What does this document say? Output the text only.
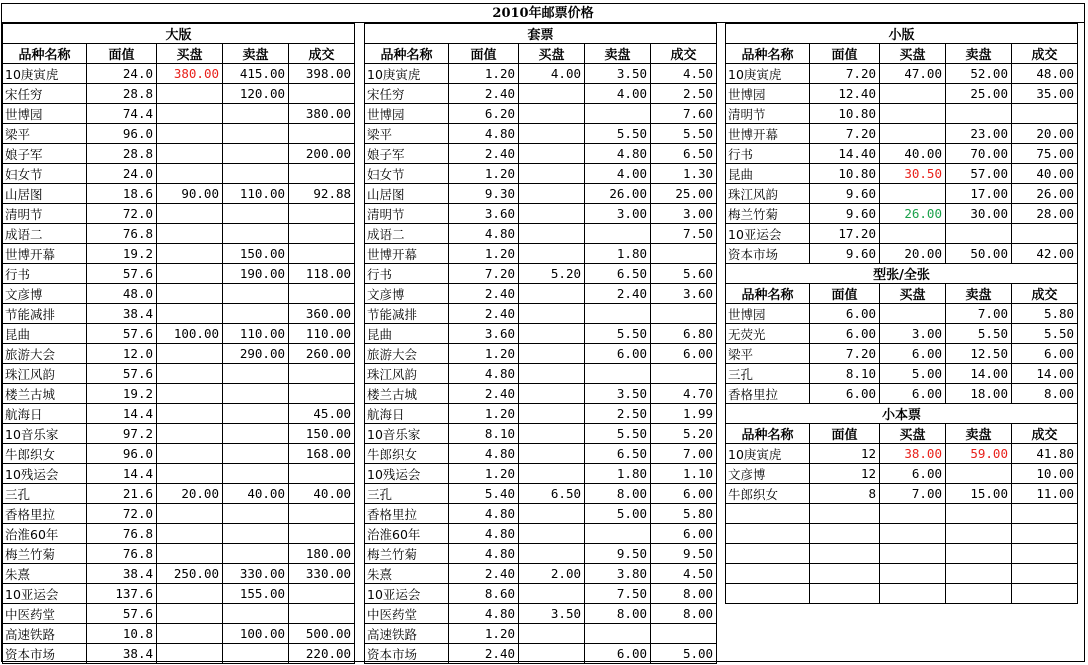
2010年邮票价格
大版				
品种名称	面值	买盘	卖盘	成交
10庚寅虎	24.0	380.00	415.00	398.00
宋任穷	28.8		120.00	
世博园	74.4			380.00
梁平	96.0			
娘子军	28.8			200.00
妇女节	24.0			
山居图	18.6	90.00	110.00	92.88
清明节	72.0			
成语二	76.8			
世博开幕	19.2		150.00	
行书	57.6		190.00	118.00
文彦博	48.0			
节能减排	38.4			360.00
昆曲	57.6	100.00	110.00	110.00
旅游大会	12.0		290.00	260.00
珠江风韵	57.6			
楼兰古城	19.2			
航海日	14.4			45.00
10音乐家	97.2			150.00
牛郎织女	96.0			168.00
10残运会	14.4			
三孔	21.6	20.00	40.00	40.00
香格里拉	72.0			
治淮60年	76.8			
梅兰竹菊	76.8			180.00
朱熹	38.4	250.00	330.00	330.00
10亚运会	137.6		155.00	
中医药堂	57.6			
高速铁路	10.8		100.00	500.00
资本市场	38.4			220.00
套票				
品种名称	面值	买盘	卖盘	成交
10庚寅虎	1.20	4.00	3.50	4.50
宋任穷	2.40		4.00	2.50
世博园	6.20			7.60
梁平	4.80		5.50	5.50
娘子军	2.40		4.80	6.50
妇女节	1.20		4.00	1.30
山居图	9.30		26.00	25.00
清明节	3.60		3.00	3.00
成语二	4.80			7.50
世博开幕	1.20		1.80	
行书	7.20	5.20	6.50	5.60
文彦博	2.40		2.40	3.60
节能减排	2.40			
昆曲	3.60		5.50	6.80
旅游大会	1.20		6.00	6.00
珠江风韵	4.80			
楼兰古城	2.40		3.50	4.70
航海日	1.20		2.50	1.99
10音乐家	8.10		5.50	5.20
牛郎织女	4.80		6.50	7.00
10残运会	1.20		1.80	1.10
三孔	5.40	6.50	8.00	6.00
香格里拉	4.80		5.00	5.80
治淮60年	4.80			6.00
梅兰竹菊	4.80		9.50	9.50
朱熹	2.40	2.00	3.80	4.50
10亚运会	8.60		7.50	8.00
中医药堂	4.80	3.50	8.00	8.00
高速铁路	1.20			
资本市场	2.40		6.00	5.00
小版				
品种名称	面值	买盘	卖盘	成交
10庚寅虎	7.20	47.00	52.00	48.00
世博园	12.40		25.00	35.00
清明节	10.80			
世博开幕	7.20		23.00	20.00
行书	14.40	40.00	70.00	75.00
昆曲	10.80	30.50	57.00	40.00
珠江风韵	9.60		17.00	26.00
梅兰竹菊	9.60	26.00	30.00	28.00
10亚运会	17.20			
资本市场	9.60	20.00	50.00	42.00
型张/全张				
品种名称	面值	买盘	卖盘	成交
世博园	6.00		7.00	5.80
无荧光	6.00	3.00	5.50	5.50
梁平	7.20	6.00	12.50	6.00
三孔	8.10	5.00	14.00	14.00
香格里拉	6.00	6.00	18.00	8.00
小本票				
品种名称	面值	买盘	卖盘	成交
10庚寅虎	12	38.00	59.00	41.80
文彦博	12	6.00		10.00
牛郎织女	8	7.00	15.00	11.00
